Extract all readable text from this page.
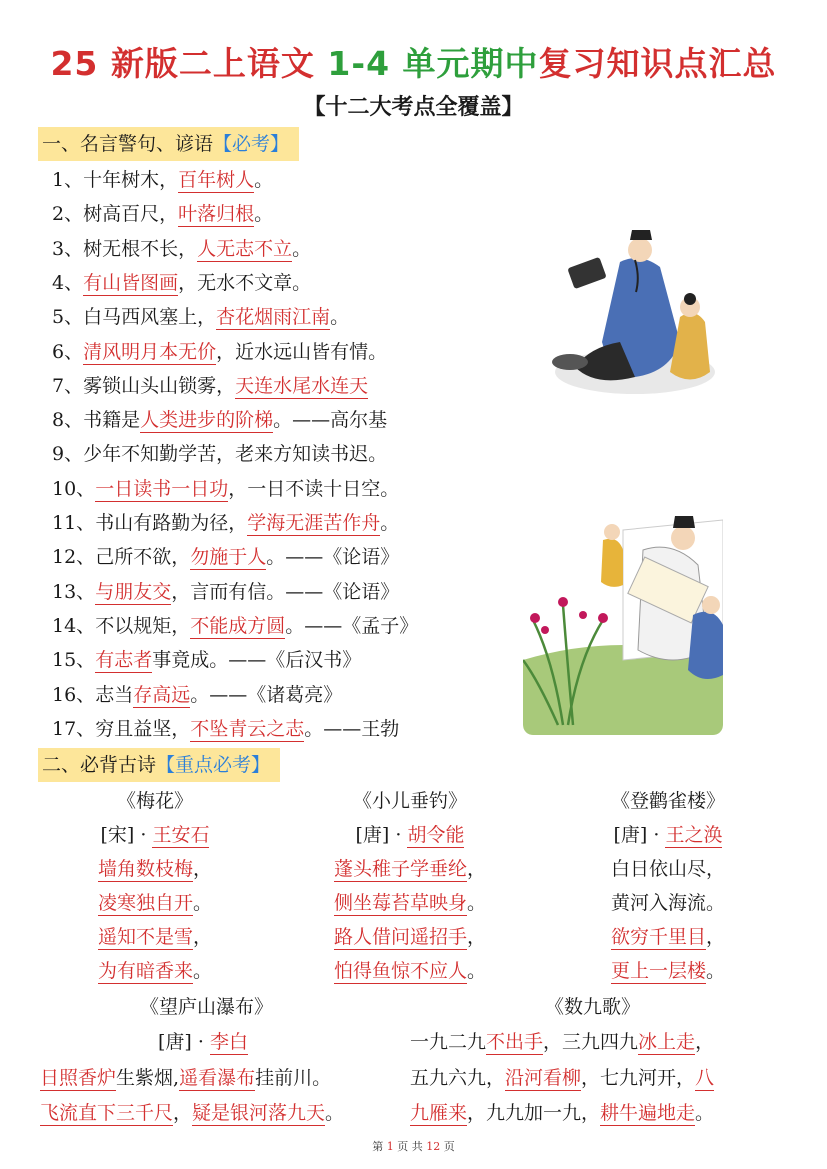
25 新版二上语文 1-4 单元期中复习知识点汇总
【十二大考点全覆盖】
一、名言警句、谚语【必考】
1、十年树木，百年树人。
2、树高百尺，叶落归根。
3、树无根不长，人无志不立。
4、有山皆图画，无水不文章。
5、白马西风塞上，杏花烟雨江南。
6、清风明月本无价，近水远山皆有情。
7、雾锁山头山锁雾，天连水尾水连天
8、书籍是人类进步的阶梯。——高尔基
9、少年不知勤学苦，老来方知读书迟。
10、一日读书一日功，一日不读十日空。
11、书山有路勤为径，学海无涯苦作舟。
12、己所不欲，勿施于人。——《论语》
13、与朋友交，言而有信。——《论语》
14、不以规矩，不能成方圆。——《孟子》
15、有志者事竟成。——《后汉书》
16、志当存高远。——《诸葛亮》
17、穷且益坚，不坠青云之志。——王勃
二、必背古诗【重点必考】
《梅花》
[宋] · 王安石
墙角数枝梅，
凌寒独自开。
遥知不是雪，
为有暗香来。
《小儿垂钓》
[唐] · 胡令能
蓬头稚子学垂纶，
侧坐莓苔草映身。
路人借问遥招手，
怕得鱼惊不应人。
《登鹳雀楼》
[唐] · 王之涣
白日依山尽，
黄河入海流。
欲穷千里目，
更上一层楼。
《望庐山瀑布》
[唐] · 李白
日照香炉生紫烟,遥看瀑布挂前川。
飞流直下三千尺，疑是银河落九天。
《数九歌》
一九二九不出手，三九四九冰上走，
五九六九，沿河看柳，七九河开，八
九雁来，九九加一九，耕牛遍地走。
第 1 页 共 12 页
